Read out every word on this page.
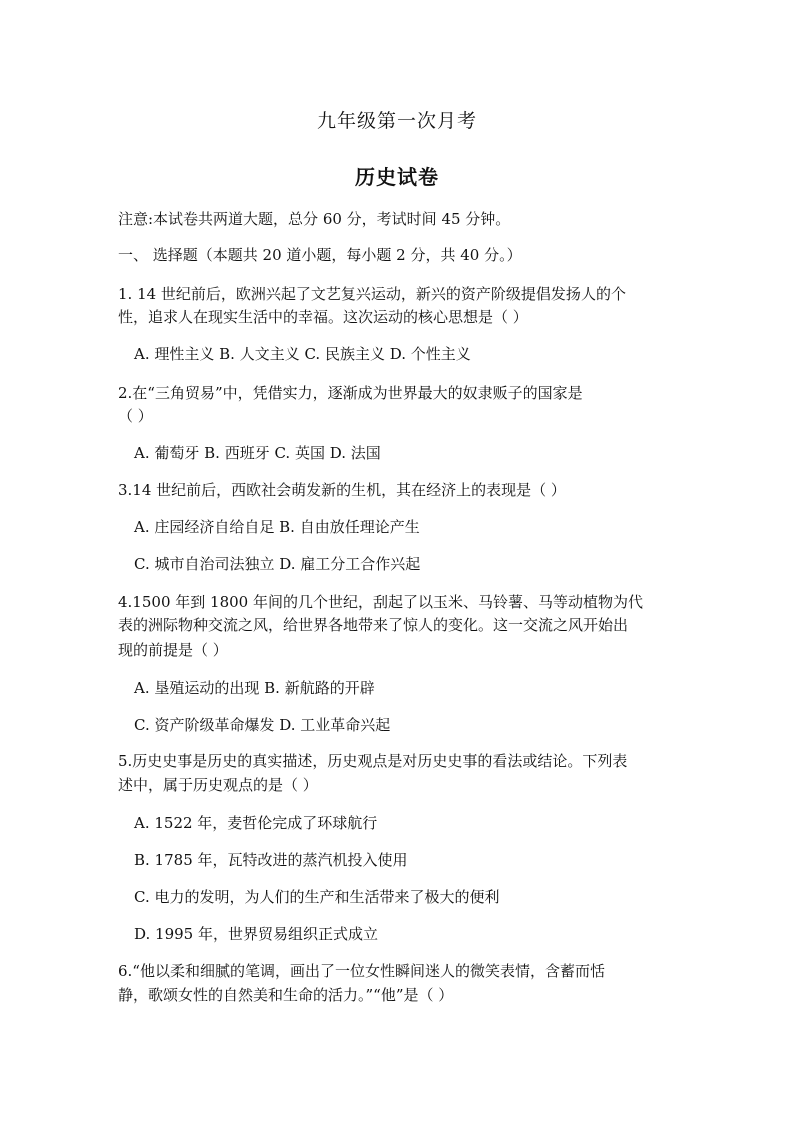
九年级第一次月考
历史试卷
注意:本试卷共两道大题，总分 60 分，考试时间 45 分钟。
一、 选择题（本题共 20 道小题，每小题 2 分，共 40 分。）
1. 14 世纪前后，欧洲兴起了文艺复兴运动，新兴的资产阶级提倡发扬人的个
性，追求人在现实生活中的幸福。这次运动的核心思想是（ ）
A. 理性主义 B. 人文主义 C. 民族主义 D. 个性主义
2.在“三角贸易”中，凭借实力，逐渐成为世界最大的奴隶贩子的国家是
（ ）
A. 葡萄牙 B. 西班牙 C. 英国 D. 法国
3.14 世纪前后，西欧社会萌发新的生机，其在经济上的表现是（ ）
A. 庄园经济自给自足 B. 自由放任理论产生
C. 城市自治司法独立 D. 雇工分工合作兴起
4.1500 年到 1800 年间的几个世纪，刮起了以玉米、马铃薯、马等动植物为代
表的洲际物种交流之风，给世界各地带来了惊人的变化。这一交流之风开始出
现的前提是（ ）
A. 垦殖运动的出现 B. 新航路的开辟
C. 资产阶级革命爆发 D. 工业革命兴起
5.历史史事是历史的真实描述，历史观点是对历史史事的看法或结论。下列表
述中，属于历史观点的是（ ）
A. 1522 年，麦哲伦完成了环球航行
B. 1785 年，瓦特改进的蒸汽机投入使用
C. 电力的发明，为人们的生产和生活带来了极大的便利
D. 1995 年，世界贸易组织正式成立
6.“他以柔和细腻的笔调，画出了一位女性瞬间迷人的微笑表情，含蓄而恬
静，歌颂女性的自然美和生命的活力。”“他”是（ ）
